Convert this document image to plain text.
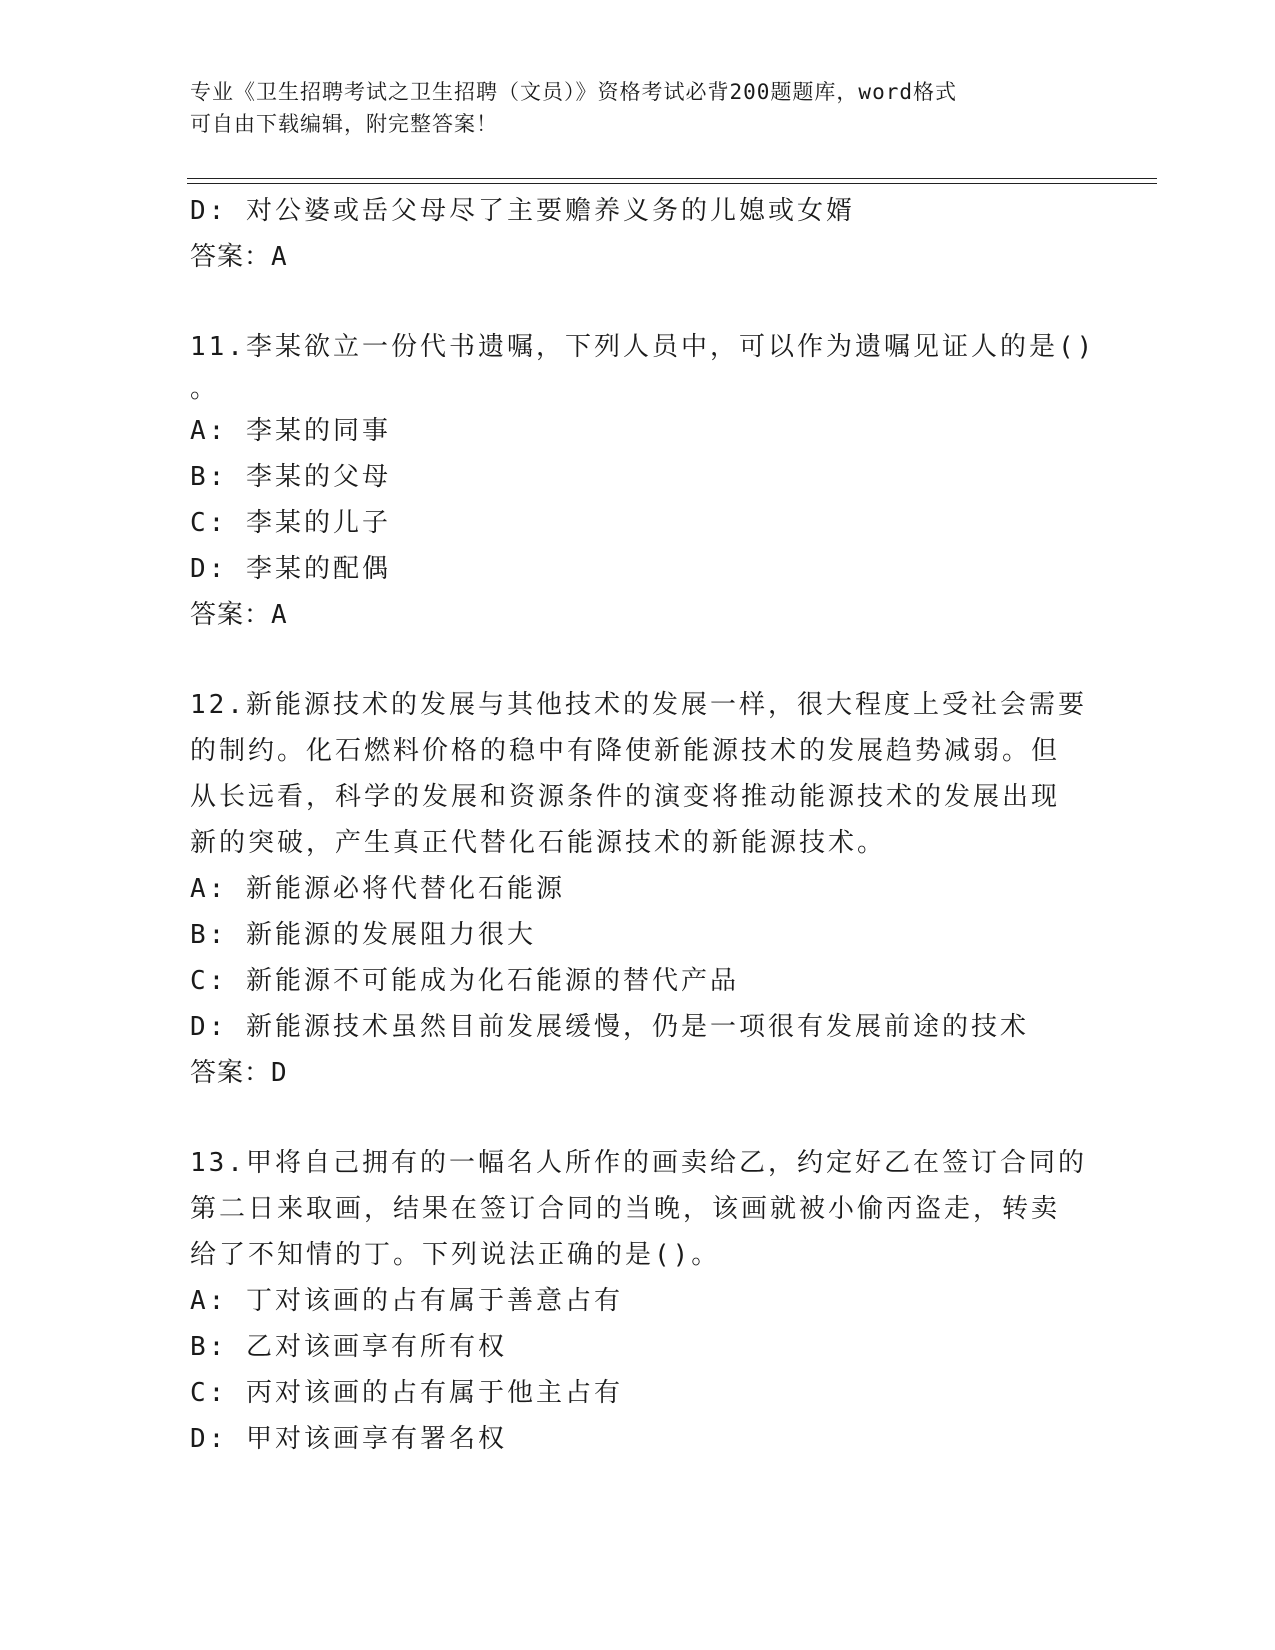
专业《卫生招聘考试之卫生招聘（文员）》资格考试必背200题题库，word格式
可自由下载编辑，附完整答案！
D: 对公婆或岳父母尽了主要赡养义务的儿媳或女婿
答案：A
11.李某欲立一份代书遗嘱，下列人员中，可以作为遗嘱见证人的是()
。
A: 李某的同事
B: 李某的父母
C: 李某的儿子
D: 李某的配偶
答案：A
12.新能源技术的发展与其他技术的发展一样，很大程度上受社会需要
的制约。化石燃料价格的稳中有降使新能源技术的发展趋势减弱。但
从长远看，科学的发展和资源条件的演变将推动能源技术的发展出现
新的突破，产生真正代替化石能源技术的新能源技术。
A: 新能源必将代替化石能源
B: 新能源的发展阻力很大
C: 新能源不可能成为化石能源的替代产品
D: 新能源技术虽然目前发展缓慢，仍是一项很有发展前途的技术
答案：D
13.甲将自己拥有的一幅名人所作的画卖给乙，约定好乙在签订合同的
第二日来取画，结果在签订合同的当晚，该画就被小偷丙盗走，转卖
给了不知情的丁。下列说法正确的是()。
A: 丁对该画的占有属于善意占有
B: 乙对该画享有所有权
C: 丙对该画的占有属于他主占有
D: 甲对该画享有署名权
